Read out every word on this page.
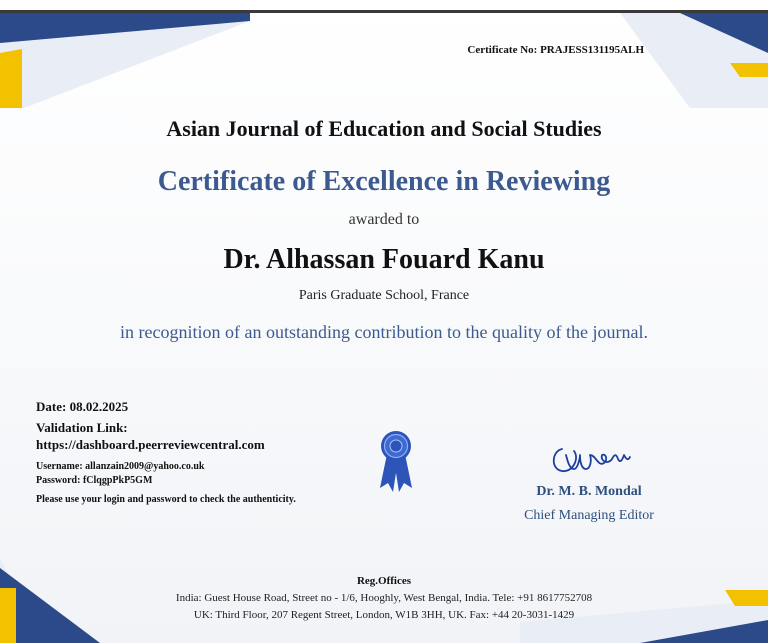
Certificate No: PRAJESS131195ALH

Asian Journal of Education and Social Studies

Certificate of Excellence in Reviewing

awarded to

Dr. Alhassan Fouard Kanu

Paris Graduate School, France

in recognition of an outstanding contribution to the quality of the journal.

Date: 08.02.2025

Validation Link:

https://dashboard.peerreviewcentral.com

Username: allanzain2009@yahoo.co.uk

Password: fClqgpPkP5GM

Please use your login and password to check the authenticity.

Dr. M. B. Mondal

Chief Managing Editor

Reg.Offices

India: Guest House Road, Street no - 1/6, Hooghly, West Bengal, India. Tele: +91 8617752708

UK: Third Floor, 207 Regent Street, London, W1B 3HH, UK. Fax: +44 20-3031-1429
